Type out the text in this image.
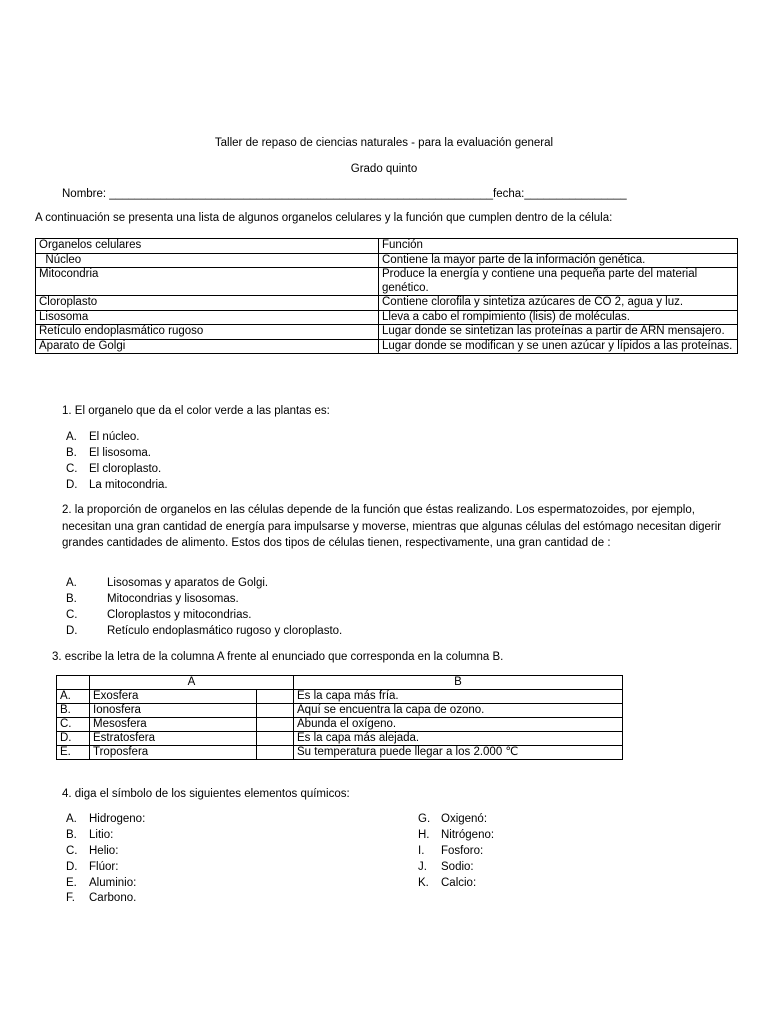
Taller de repaso de ciencias naturales - para la evaluación general
Grado quinto
Nombre: ____________________________________________________________fecha:________________
A continuación se presenta una lista de algunos organelos celulares y la función que cumplen dentro de la célula:
Organelos celulares	Función
Núcleo	Contiene la mayor parte de la información genética.
Mitocondria	Produce la energía y contiene una pequeña parte del material genético.
Cloroplasto	Contiene clorofila y sintetiza azúcares de CO 2, agua y luz.
Lisosoma	Lleva a cabo el rompimiento (lisis) de moléculas.
Retículo endoplasmático rugoso	Lugar donde se sintetizan las proteínas a partir de ARN mensajero.
Aparato de Golgi	Lugar donde se modifican y se unen azúcar y lípidos a las proteínas.
1. El organelo que da el color verde a las plantas es:
A. El núcleo.
B. El lisosoma.
C. El cloroplasto.
D. La mitocondria.
2. la proporción de organelos en las células depende de la función que éstas realizando. Los espermatozoides, por ejemplo, necesitan una gran cantidad de energía para impulsarse y moverse, mientras que algunas células del estómago necesitan digerir grandes cantidades de alimento. Estos dos tipos de células tienen, respectivamente, una gran cantidad de :
A.	Lisosomas y aparatos de Golgi.
B.	Mitocondrias y lisosomas.
C.	Cloroplastos y mitocondrias.
D.	Retículo endoplasmático rugoso y cloroplasto.
3. escribe la letra de la columna A frente al enunciado que corresponda en la columna B.
	A		B
A.	Exosfera		Es la capa más fría.
B.	Ionosfera		Aquí se encuentra la capa de ozono.
C.	Mesosfera		Abunda el oxígeno.
D.	Estratosfera		Es la capa más alejada.
E.	Troposfera		Su temperatura puede llegar a los 2.000 ℃
4. diga el símbolo de los siguientes elementos químicos:
A. Hidrogeno:
B. Litio:
C. Helio:
D. Flúor:
E. Aluminio:
F. Carbono.
G. Oxigenó:
H. Nitrógeno:
I. Fosforo:
J. Sodio:
K. Calcio:
